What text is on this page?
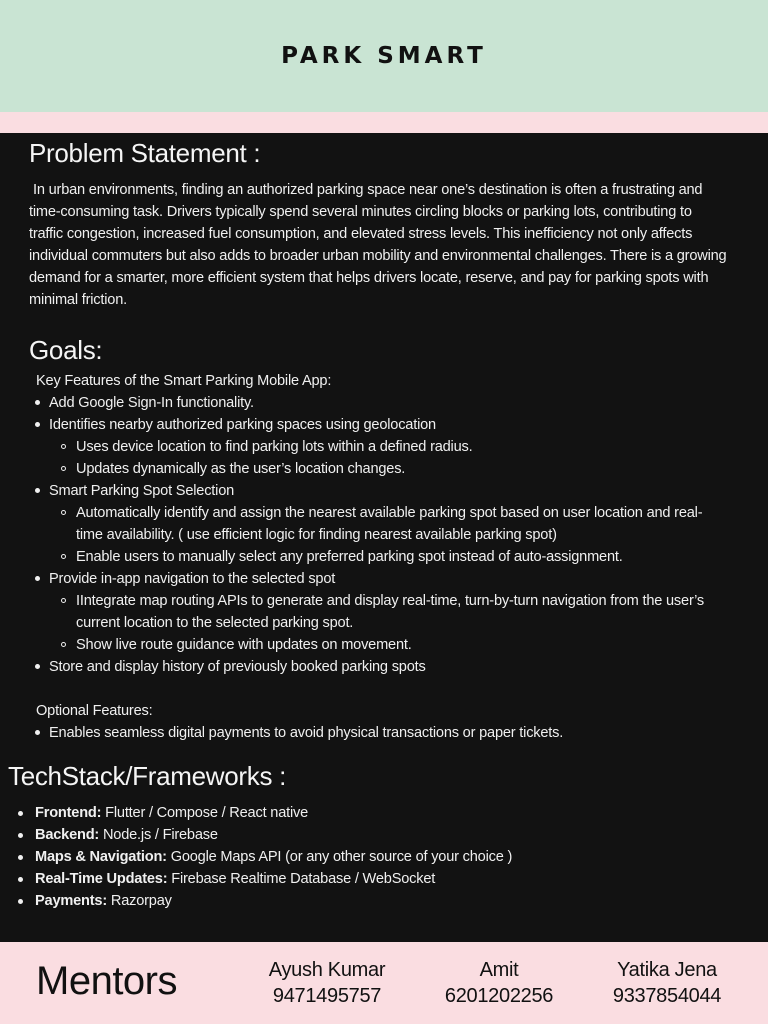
PARK SMART
Problem Statement :

In urban environments, finding an authorized parking space near one’s destination is often a frustrating and time-consuming task. Drivers typically spend several minutes circling blocks or parking lots, contributing to traffic congestion, increased fuel consumption, and elevated stress levels. This inefficiency not only affects individual commuters but also adds to broader urban mobility and environmental challenges. There is a growing demand for a smarter, more efficient system that helps drivers locate, reserve, and pay for parking spots with minimal friction.

Goals:
Key Features of the Smart Parking Mobile App:
Add Google Sign-In functionality.
Identifies nearby authorized parking spaces using geolocation
Uses device location to find parking lots within a defined radius.
Updates dynamically as the user’s location changes.
Smart Parking Spot Selection
Automatically identify and assign the nearest available parking spot based on user location and real-time availability. ( use efficient logic for finding nearest available parking spot)
Enable users to manually select any preferred parking spot instead of auto-assignment.
Provide in-app navigation to the selected spot
IIntegrate map routing APIs to generate and display real-time, turn-by-turn navigation from the user’s current location to the selected parking spot.
Show live route guidance with updates on movement.
Store and display history of previously booked parking spots
Optional Features:
Enables seamless digital payments to avoid physical transactions or paper tickets.
TechStack/Frameworks :
Frontend: Flutter / Compose / React native
Backend: Node.js / Firebase
Maps & Navigation: Google Maps API (or any other source of your choice )
Real-Time Updates: Firebase Realtime Database / WebSocket
Payments: Razorpay
Mentors	Ayush Kumar
9471495757
Amit
6201202256
Yatika Jena
9337854044
